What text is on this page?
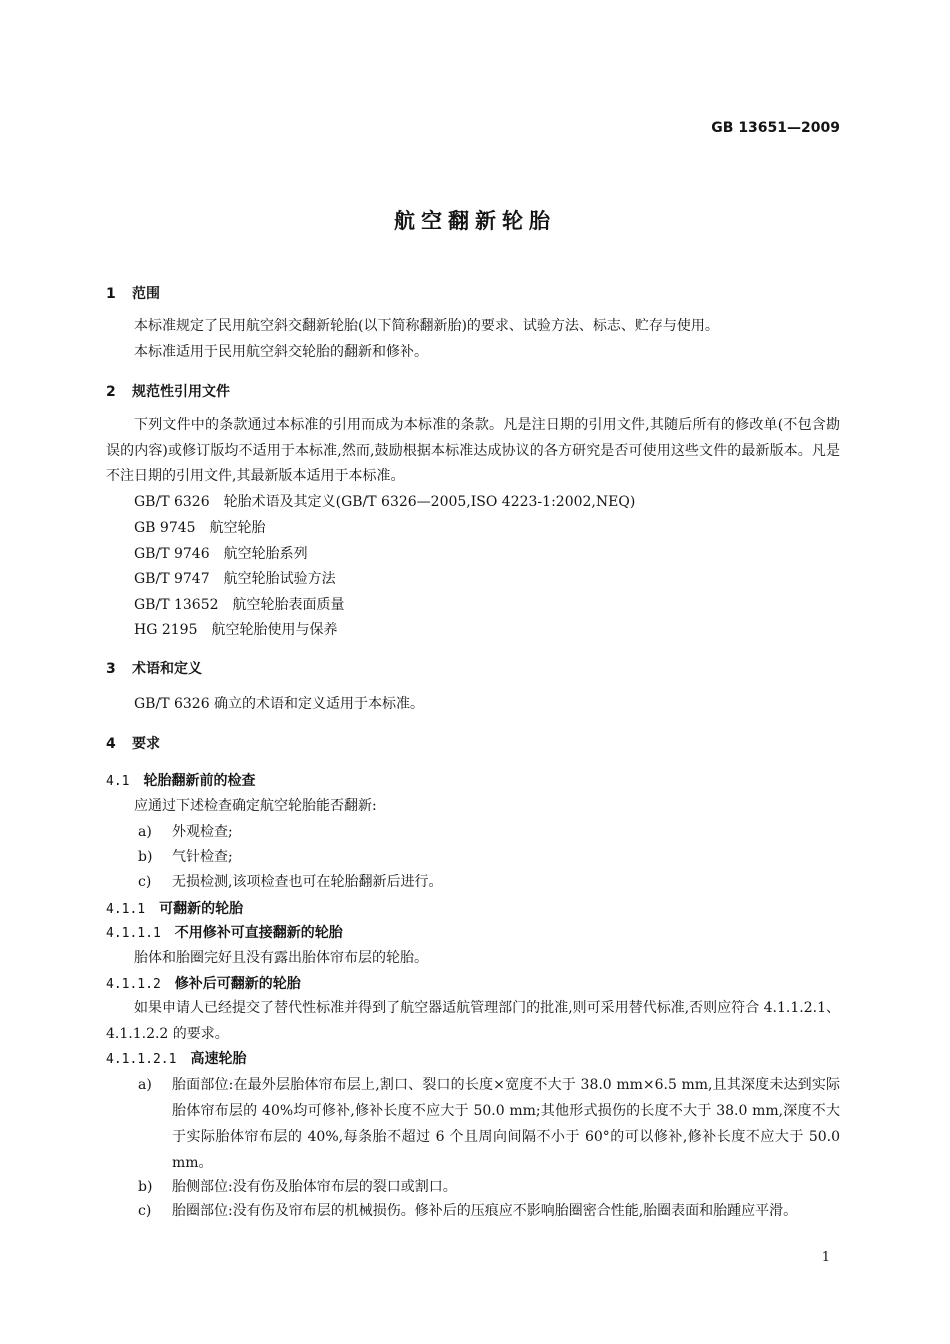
GB 13651—2009
航空翻新轮胎
1 范围
本标准规定了民用航空斜交翻新轮胎(以下简称翻新胎)的要求、试验方法、标志、贮存与使用。
本标准适用于民用航空斜交轮胎的翻新和修补。
2 规范性引用文件
下列文件中的条款通过本标准的引用而成为本标准的条款。凡是注日期的引用文件,其随后所有的修改单(不包含勘误的内容)或修订版均不适用于本标准,然而,鼓励根据本标准达成协议的各方研究是否可使用这些文件的最新版本。凡是不注日期的引用文件,其最新版本适用于本标准。
GB/T 6326 轮胎术语及其定义(GB/T 6326—2005,ISO 4223-1:2002,NEQ)
GB 9745 航空轮胎
GB/T 9746 航空轮胎系列
GB/T 9747 航空轮胎试验方法
GB/T 13652 航空轮胎表面质量
HG 2195 航空轮胎使用与保养
3 术语和定义
GB/T 6326 确立的术语和定义适用于本标准。
4 要求
4.1 轮胎翻新前的检查
应通过下述检查确定航空轮胎能否翻新:
a) 外观检查;
b) 气针检查;
c) 无损检测,该项检查也可在轮胎翻新后进行。
4.1.1 可翻新的轮胎
4.1.1.1 不用修补可直接翻新的轮胎
胎体和胎圈完好且没有露出胎体帘布层的轮胎。
4.1.1.2 修补后可翻新的轮胎
如果申请人已经提交了替代性标准并得到了航空器适航管理部门的批准,则可采用替代标准,否则应符合 4.1.1.2.1、4.1.1.2.2 的要求。
4.1.1.2.1 高速轮胎
a) 胎面部位:在最外层胎体帘布层上,割口、裂口的长度×宽度不大于 38.0 mm×6.5 mm,且其深度未达到实际胎体帘布层的 40%均可修补,修补长度不应大于 50.0 mm;其他形式损伤的长度不大于 38.0 mm,深度不大于实际胎体帘布层的 40%,每条胎不超过 6 个且周向间隔不小于 60°的可以修补,修补长度不应大于 50.0 mm。
b) 胎侧部位:没有伤及胎体帘布层的裂口或割口。
c) 胎圈部位:没有伤及帘布层的机械损伤。修补后的压痕应不影响胎圈密合性能,胎圈表面和胎踵应平滑。
1
